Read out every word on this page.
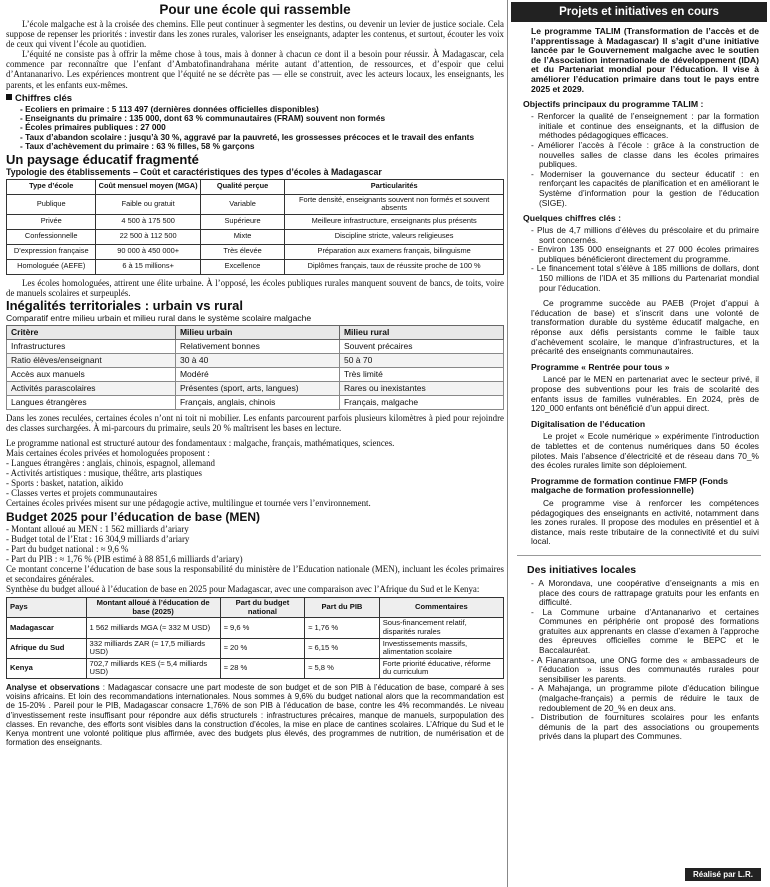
Pour une école qui rassemble

L’école malgache est à la croisée des chemins. Elle peut continuer à segmenter les destins, ou devenir un levier de justice sociale. Cela suppose de repenser les priorités : investir dans les zones rurales, valoriser les enseignants, adapter les contenus, et surtout, écouter les voix de ceux qui vivent l’école au quotidien.

L’équité ne consiste pas à offrir la même chose à tous, mais à donner à chacun ce dont il a besoin pour réussir. À Madagascar, cela commence par reconnaître que l’enfant d’Ambatofinandrahana mérite autant d’attention, de ressources, et d’espoir que celui d’Antananarivo. Les expériences montrent que l’équité ne se décrète pas — elle se construit, avec les acteurs locaux, les enseignants, les parents, et les enfants eux-mêmes.

Chiffres clés
- Ecoliers en primaire : 5 113 497 (dernières données officielles disponibles)
- Enseignants du primaire : 135 000, dont 63 % communautaires (FRAM) souvent non formés
- Écoles primaires publiques : 27 000
- Taux d’abandon scolaire : jusqu’à 30 %, aggravé par la pauvreté, les grossesses précoces et le travail des enfants
- Taux d’achèvement du primaire : 63 % filles, 58 % garçons
Un paysage éducatif fragmenté
Typologie des établissements – Coût et caractéristiques des types d’écoles à Madagascar
Type d’école	Coût mensuel moyen (MGA)	Qualité perçue	Particularités
Publique	Faible ou gratuit	Variable	Forte densité, enseignants souvent non formés et souvent absents
Privée	4 500 à 175 500	Supérieure	Meilleure infrastructure, enseignants plus présents
Confessionnelle	22 500 à 112 500	Mixte	Discipline stricte, valeurs religieuses
D’expression française	90 000 à 450 000+	Très élevée	Préparation aux examens français, bilinguisme
Homologuée (AEFE)	6 à 15 millions+	Excellence	Diplômes français, taux de réussite proche de 100 %

Les écoles homologuées, attirent une élite urbaine. À l’opposé, les écoles publiques rurales manquent souvent de bancs, de toits, voire de manuels scolaires et surpeuplés.

Inégalités territoriales : urbain vs rural
Comparatif entre milieu urbain et milieu rural dans le système scolaire malgache
Critère	Milieu urbain	Milieu rural
Infrastructures	Relativement bonnes	Souvent précaires
Ratio élèves/enseignant	30 à 40	50 à 70
Accès aux manuels	Modéré	Très limité
Activités parascolaires	Présentes (sport, arts, langues)	Rares ou inexistantes
Langues étrangères	Français, anglais, chinois	Français, malgache

Dans les zones reculées, certaines écoles n’ont ni toit ni mobilier. Les enfants parcourent parfois plusieurs kilomètres à pied pour rejoindre des classes surchargées. À mi-parcours du primaire, seuls 20 % maîtrisent les bases en lecture.

Le programme national est structuré autour des fondamentaux : malgache, français, mathématiques, sciences.

Mais certaines écoles privées et homologuées proposent :

- Langues étrangères : anglais, chinois, espagnol, allemand

- Activités artistiques : musique, théâtre, arts plastiques

- Sports : basket, natation, aïkido

- Classes vertes et projets communautaires

Certaines écoles privées misent sur une pédagogie active, multilingue et tournée vers l’environnement.

Budget 2025 pour l’éducation de base (MEN)

- Montant alloué au MEN : 1 562 milliards d’ariary

- Budget total de l’Etat : 16 304,9 milliards d’ariary

- Part du budget national : ≈ 9,6 %

- Part du PIB : ≈ 1,76 % (PIB estimé à 88 851,6 milliards d’ariary)

Ce montant concerne l’éducation de base sous la responsabilité du ministère de l’Education nationale (MEN), incluant les écoles primaires et secondaires générales.

Synthèse du budget alloué à l’éducation de base en 2025 pour Madagascar, avec une comparaison avec l’Afrique du Sud et le Kenya:

Pays	Montant alloué à l’éducation de base (2025)	Part du budget national	Part du PIB	Commentaires
Madagascar	1 562 milliards MGA (≈ 332 M USD)	≈ 9,6 %	≈ 1,76 %	Sous-financement relatif, disparités rurales
Afrique du Sud	332 milliards ZAR (≈ 17,5 milliards USD)	≈ 20 %	≈ 6,15 %	Investissements massifs, alimentation scolaire
Kenya	702,7 milliards KES (≈ 5,4 milliards USD)	≈ 28 %	≈ 5,8 %	Forte priorité éducative, réforme du curriculum

Analyse et observations : Madagascar consacre une part modeste de son budget et de son PIB à l’éducation de base, comparé à ses voisins africains. Et loin des recommandations internationales. Nous sommes à 9,6% du budget national alors que la recommandation est de 15-20% . Pareil pour le PIB, Madagascar consacre 1,76% de son PIB à l’éducation de base, contre les 4% recommandés. Le niveau d’investissement reste insuffisant pour répondre aux défis structurels : infrastructures précaires, manque de manuels, surpopulation des classes. En revanche, des efforts sont visibles dans la construction d’écoles, la mise en place de cantines scolaires. L’Afrique du Sud et le Kenya montrent une volonté politique plus affirmée, avec des budgets plus élevés, des programmes de nutrition, de numérisation et de formation des enseignants.

Projets et initiatives en cours

Le programme TALIM (Transformation de l’accès et de l’apprentissage à Madagascar) Il s’agit d’une initiative lancée par le Gouvernement malgache avec le soutien de l’Association internationale de développement (IDA) et du Partenariat mondial pour l’éducation. Il vise à améliorer l’éducation primaire dans tout le pays entre 2025 et 2029.

Objectifs principaux du programme TALIM :

- Renforcer la qualité de l’enseignement : par la formation initiale et continue des enseignants, et la diffusion de méthodes pédagogiques efficaces.

- Améliorer l’accès à l’école : grâce à la construction de nouvelles salles de classe dans les écoles primaires publiques.

- Moderniser la gouvernance du secteur éducatif : en renforçant les capacités de planification et en améliorant le Système d’information pour la gestion de l’éducation (SIGE).

Quelques chiffres clés :

- Plus de 4,7 millions d’élèves du préscolaire et du primaire sont concernés.

- Environ 135 000 enseignants et 27 000 écoles primaires publiques bénéficieront directement du programme.

- Le financement total s’élève à 185 millions de dollars, dont 150 millions de l’IDA et 35 millions du Partenariat mondial pour l’éducation.

Ce programme succède au PAEB (Projet d’appui à l’éducation de base) et s’inscrit dans une volonté de transformation durable du système éducatif malgache, en réponse aux défis persistants comme le faible taux d’achèvement scolaire, le manque d’infrastructures, et la précarité des enseignants communautaires.

Programme « Rentrée pour tous »

Lancé par le MEN en partenariat avec le secteur privé, il propose des subventions pour les frais de scolarité des enfants issus de familles vulnérables. En 2024, près de 120_000 enfants ont bénéficié d’un appui direct.

Digitalisation de l’éducation

Le projet « Ecole numérique » expérimente l’introduction de tablettes et de contenus numériques dans 50 écoles pilotes. Mais l’absence d’électricité et de réseau dans 70_% des écoles rurales limite son déploiement.

Programme de formation continue FMFP (Fonds malgache de formation professionnelle)

Ce programme vise à renforcer les compétences pédagogiques des enseignants en activité, notamment dans les zones rurales. Il propose des modules en présentiel et à distance, mais reste tributaire de la connectivité et du suivi local.

Des initiatives locales

- A Morondava, une coopérative d’enseignants a mis en place des cours de rattrapage gratuits pour les enfants en difficulté.

- La Commune urbaine d’Antananarivo et certaines Communes en périphérie ont proposé des formations gratuites aux apprenants en classe d’examen à l’approche des épreuves officielles comme le BEPC et le Baccalauréat.

- A Fianarantsoa, une ONG forme des « ambassadeurs de l’éducation » issus des communautés rurales pour sensibiliser les parents.

- A Mahajanga, un programme pilote d’éducation bilingue (malgache-français) a permis de réduire le taux de redoublement de 20_% en deux ans.

- Distribution de fournitures scolaires pour les enfants démunis de la part des associations ou groupements privés dans la plupart des Communes.

Réalisé par L.R.
